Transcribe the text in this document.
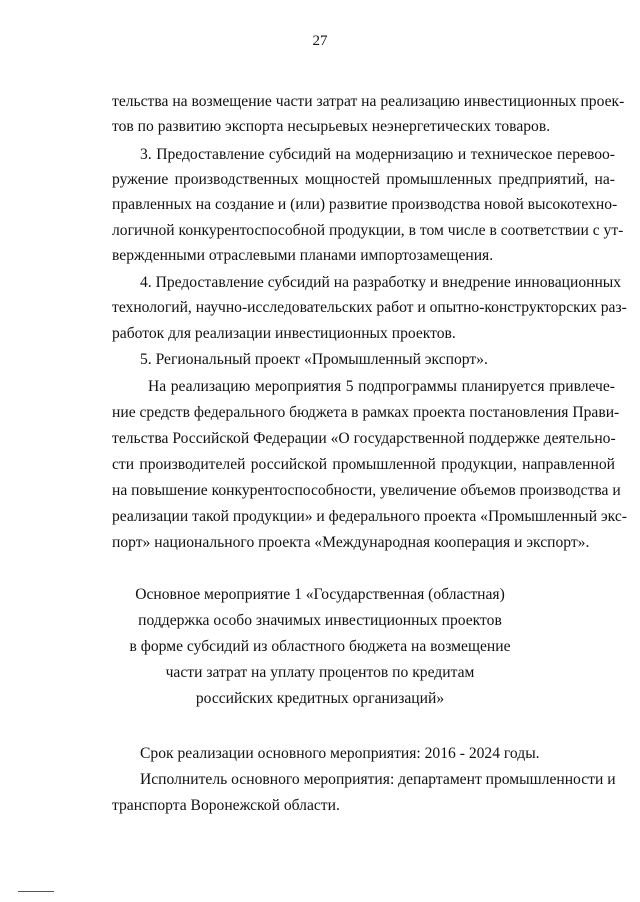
27
тельства на возмещение части затрат на реализацию инвестиционных проек-
тов по развитию экспорта несырьевых неэнергетических товаров.
3. Предоставление субсидий на модернизацию и техническое перевоо-
ружение производственных мощностей промышленных предприятий, на-
правленных на создание и (или) развитие производства новой высокотехно-
логичной конкурентоспособной продукции, в том числе в соответствии с ут-
вержденными отраслевыми планами импортозамещения.
4. Предоставление субсидий на разработку и внедрение инновационных
технологий, научно-исследовательских работ и опытно-конструкторских раз-
работок для реализации инвестиционных проектов.
5. Региональный проект «Промышленный экспорт».
На реализацию мероприятия 5 подпрограммы планируется привлече-
ние средств федерального бюджета в рамках проекта постановления Прави-
тельства Российской Федерации «О государственной поддержке деятельно-
сти производителей российской промышленной продукции, направленной
на повышение конкурентоспособности, увеличение объемов производства и
реализации такой продукции» и федерального проекта «Промышленный экс-
порт» национального проекта «Международная кооперация и экспорт».
Основное мероприятие 1 «Государственная (областная)
поддержка особо значимых инвестиционных проектов
в форме субсидий из областного бюджета на возмещение
части затрат на уплату процентов по кредитам
российских кредитных организаций»
Срок реализации основного мероприятия: 2016 - 2024 годы.
Исполнитель основного мероприятия: департамент промышленности и
транспорта Воронежской области.
